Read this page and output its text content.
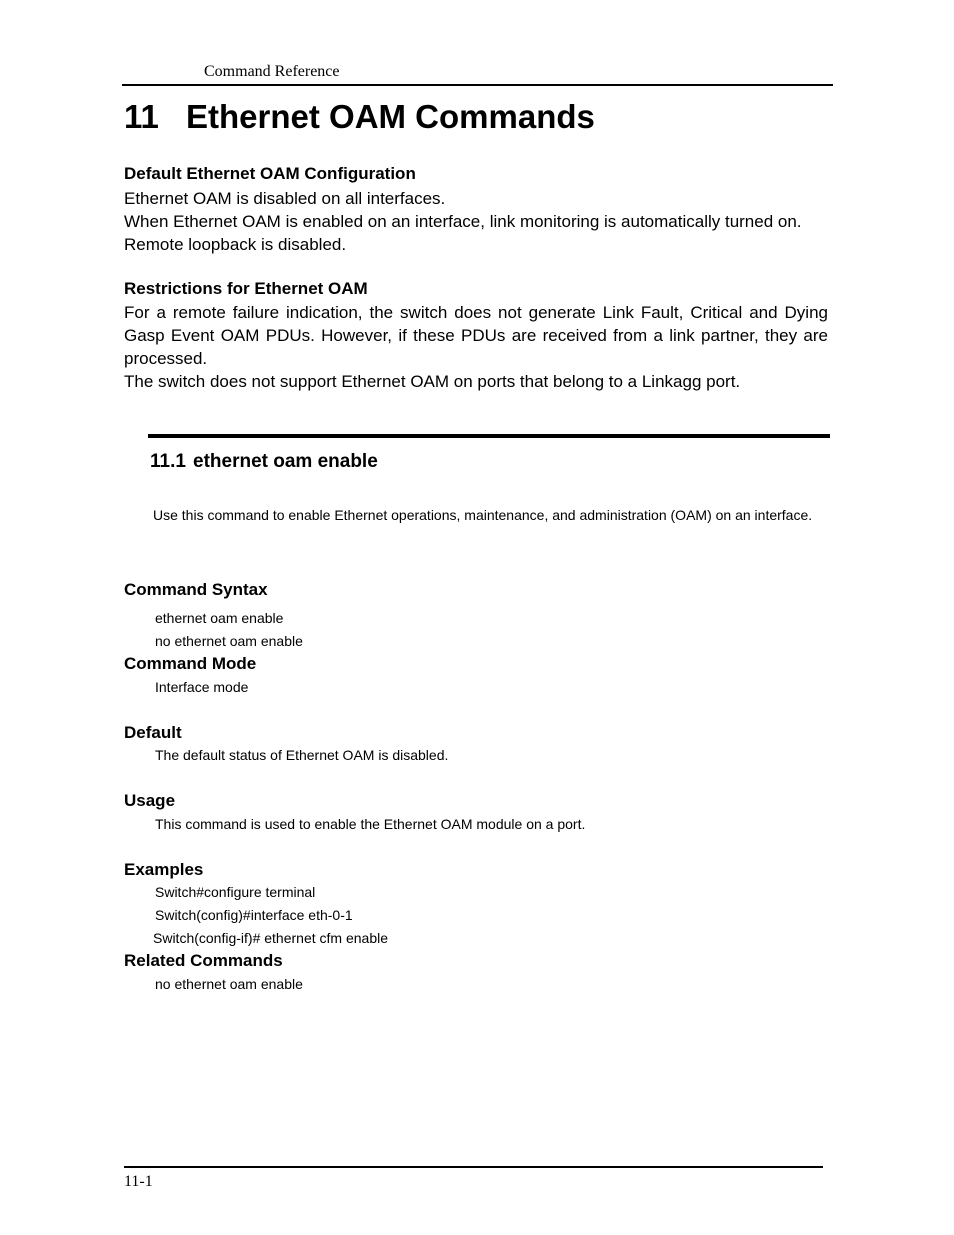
Command Reference
11 Ethernet OAM Commands
Default Ethernet OAM Configuration
Ethernet OAM is disabled on all interfaces.
When Ethernet OAM is enabled on an interface, link monitoring is automatically turned on.
Remote loopback is disabled.
Restrictions for Ethernet OAM

For a remote failure indication, the switch does not generate Link Fault, Critical and Dying Gasp Event OAM PDUs. However, if these PDUs are received from a link partner, they are processed.

The switch does not support Ethernet OAM on ports that belong to a Linkagg port.

11.1 ethernet oam enable

Use this command to enable Ethernet operations, maintenance, and administration (OAM) on an interface.

Command Syntax
ethernet oam enable
no ethernet oam enable
Command Mode
Interface mode
Default
The default status of Ethernet OAM is disabled.
Usage
This command is used to enable the Ethernet OAM module on a port.
Examples
Switch#configure terminal
Switch(config)#interface eth-0-1
Switch(config-if)# ethernet cfm enable
Related Commands
no ethernet oam enable
11-1
